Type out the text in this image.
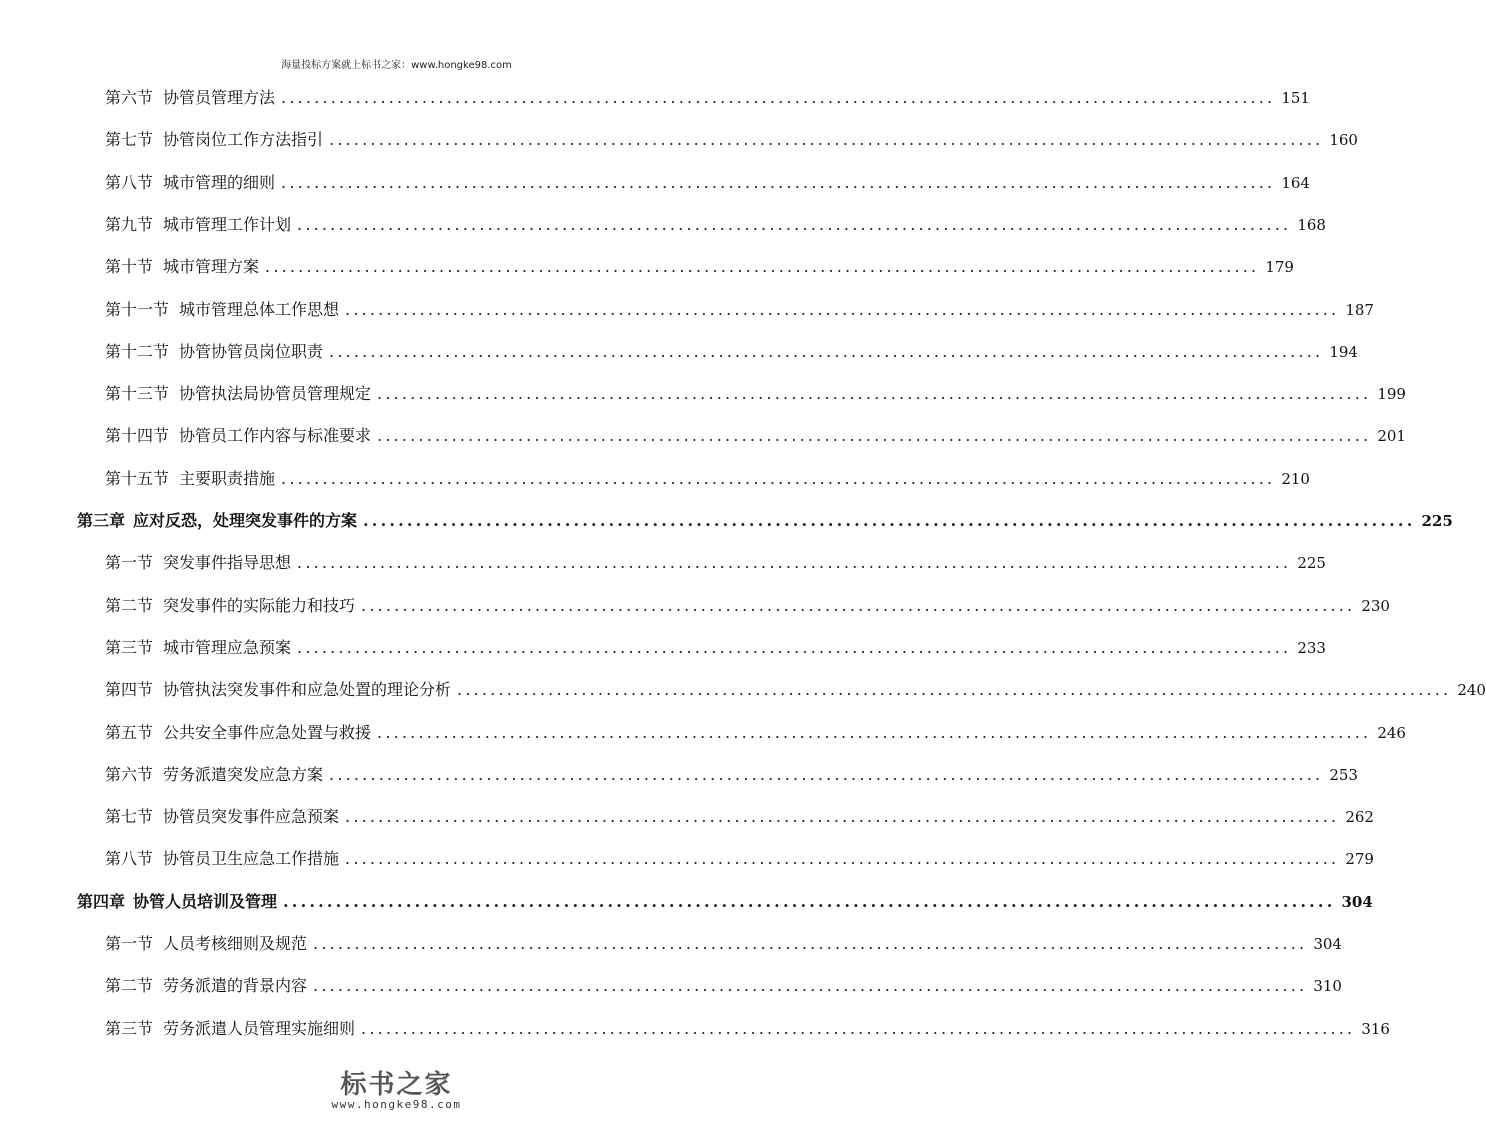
海量投标方案就上标书之家：www.hongke98.com
第六节 协管员管理方法 ........................................................................................................................ 151
第七节 协管岗位工作方法指引 ........................................................................................................................ 160
第八节 城市管理的细则 ........................................................................................................................ 164
第九节 城市管理工作计划 ........................................................................................................................ 168
第十节 城市管理方案 ........................................................................................................................ 179
第十一节 城市管理总体工作思想 ........................................................................................................................ 187
第十二节 协管协管员岗位职责 ........................................................................................................................ 194
第十三节 协管执法局协管员管理规定 ........................................................................................................................ 199
第十四节 协管员工作内容与标准要求 ........................................................................................................................ 201
第十五节 主要职责措施 ........................................................................................................................ 210
第三章 应对反恐，处理突发事件的方案 ........................................................................................................................ 225
第一节 突发事件指导思想 ........................................................................................................................ 225
第二节 突发事件的实际能力和技巧 ........................................................................................................................ 230
第三节 城市管理应急预案 ........................................................................................................................ 233
第四节 协管执法突发事件和应急处置的理论分析 ........................................................................................................................ 240
第五节 公共安全事件应急处置与救援 ........................................................................................................................ 246
第六节 劳务派遣突发应急方案 ........................................................................................................................ 253
第七节 协管员突发事件应急预案 ........................................................................................................................ 262
第八节 协管员卫生应急工作措施 ........................................................................................................................ 279
第四章 协管人员培训及管理 ........................................................................................................................ 304
第一节 人员考核细则及规范 ........................................................................................................................ 304
第二节 劳务派遣的背景内容 ........................................................................................................................ 310
第三节 劳务派遣人员管理实施细则 ........................................................................................................................ 316
标书之家
www.hongke98.com
